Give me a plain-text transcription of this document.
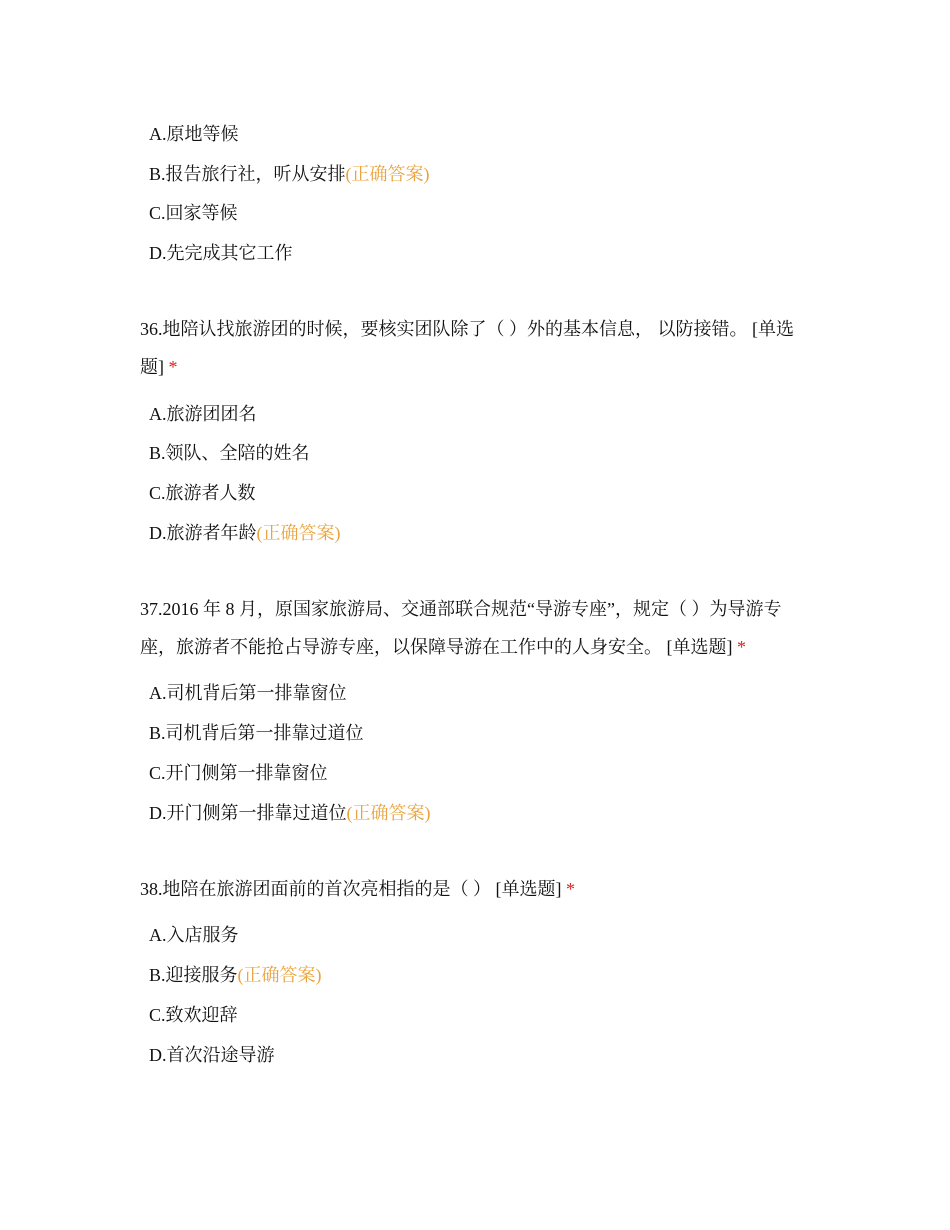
A.原地等候
B.报告旅行社，听从安排(正确答案)
C.回家等候
D.先完成其它工作
36.地陪认找旅游团的时候，要核实团队除了（ ）外的基本信息， 以防接错。 [单选题] *
A.旅游团团名
B.领队、全陪的姓名
C.旅游者人数
D.旅游者年龄(正确答案)
37.2016 年 8 月，原国家旅游局、交通部联合规范“导游专座”，规定（ ）为导游专座，旅游者不能抢占导游专座，以保障导游在工作中的人身安全。 [单选题] *
A.司机背后第一排靠窗位
B.司机背后第一排靠过道位
C.开门侧第一排靠窗位
D.开门侧第一排靠过道位(正确答案)
38.地陪在旅游团面前的首次亮相指的是（ ） [单选题] *
A.入店服务
B.迎接服务(正确答案)
C.致欢迎辞
D.首次沿途导游
